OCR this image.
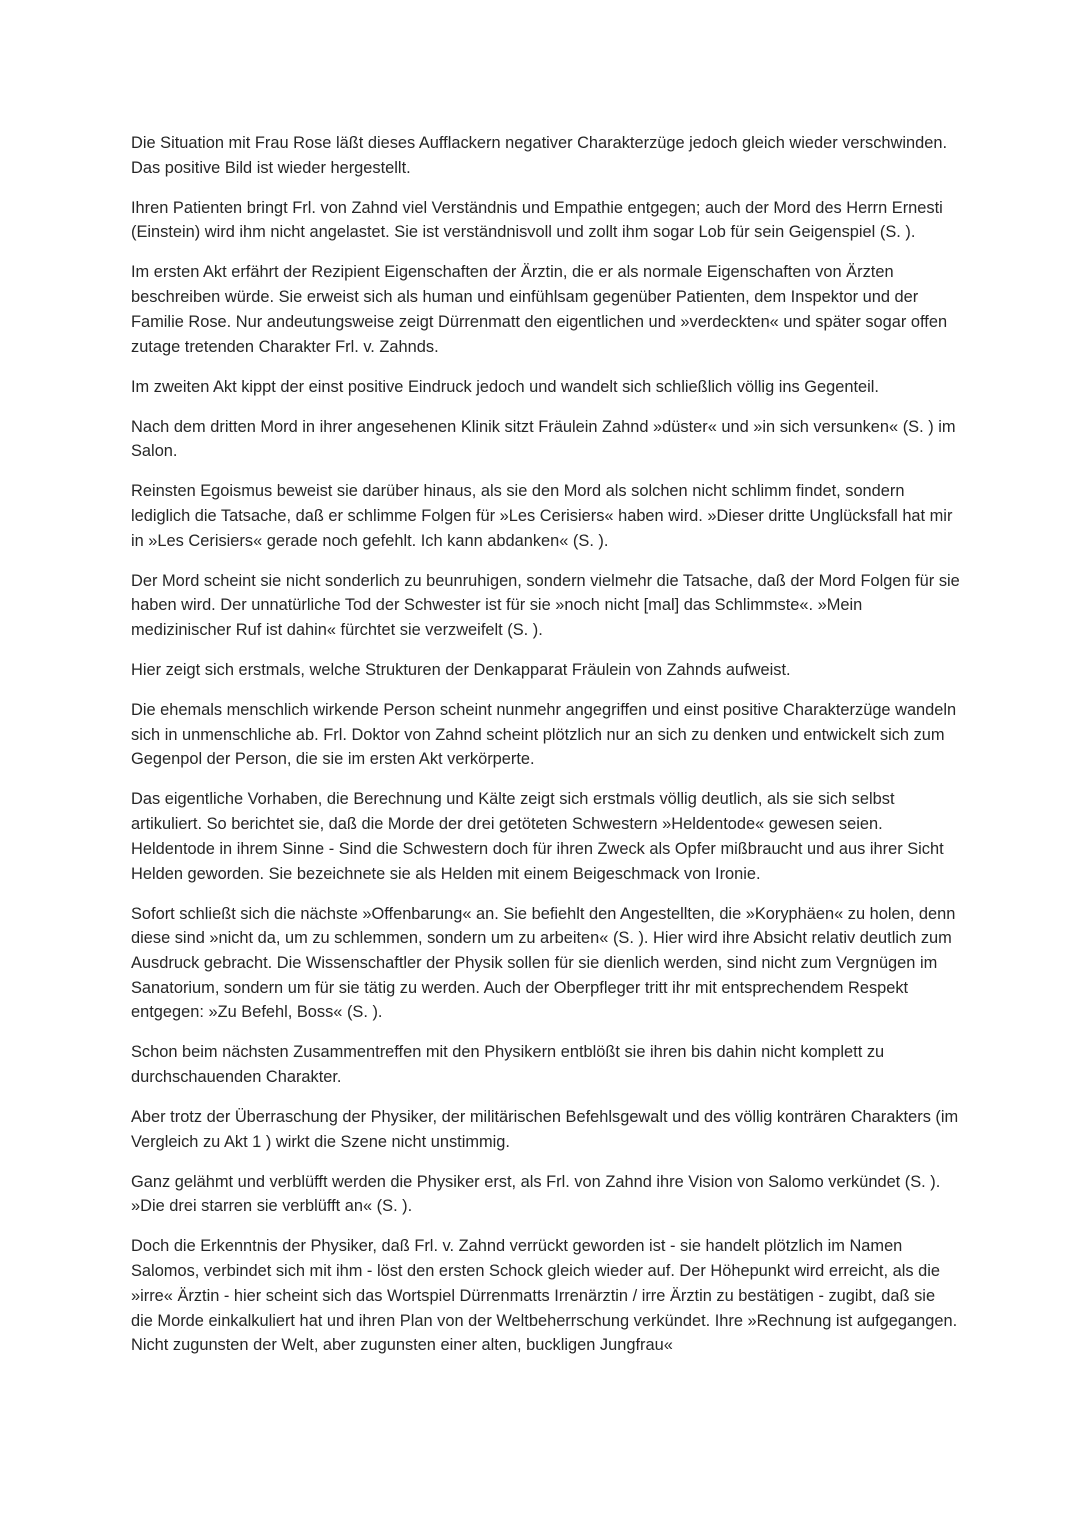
Die Situation mit Frau Rose läßt dieses Aufflackern negativer Charakterzüge jedoch gleich wieder verschwinden. Das positive Bild ist wieder hergestellt.

Ihren Patienten bringt Frl. von Zahnd viel Verständnis und Empathie entgegen; auch der Mord des Herrn Ernesti (Einstein) wird ihm nicht angelastet. Sie ist verständnisvoll und zollt ihm sogar Lob für sein Geigenspiel (S. ).

Im ersten Akt erfährt der Rezipient Eigenschaften der Ärztin, die er als normale Eigenschaften von Ärzten beschreiben würde. Sie erweist sich als human und einfühlsam gegenüber Patienten, dem Inspektor und der Familie Rose. Nur andeutungsweise zeigt Dürrenmatt den eigentlichen und »verdeckten« und später sogar offen zutage tretenden Charakter Frl. v. Zahnds.

Im zweiten Akt kippt der einst positive Eindruck jedoch und wandelt sich schließlich völlig ins Gegenteil.

Nach dem dritten Mord in ihrer angesehenen Klinik sitzt Fräulein Zahnd »düster« und »in sich versunken« (S. ) im Salon.

Reinsten Egoismus beweist sie darüber hinaus, als sie den Mord als solchen nicht schlimm findet, sondern lediglich die Tatsache, daß er schlimme Folgen für »Les Cerisiers« haben wird. »Dieser dritte Unglücksfall hat mir in »Les Cerisiers« gerade noch gefehlt. Ich kann abdanken« (S. ).

Der Mord scheint sie nicht sonderlich zu beunruhigen, sondern vielmehr die Tatsache, daß der Mord Folgen für sie haben wird. Der unnatürliche Tod der Schwester ist für sie »noch nicht [mal] das Schlimmste«. »Mein medizinischer Ruf ist dahin« fürchtet sie verzweifelt (S. ).

Hier zeigt sich erstmals, welche Strukturen der Denkapparat Fräulein von Zahnds aufweist.

Die ehemals menschlich wirkende Person scheint nunmehr angegriffen und einst positive Charakterzüge wandeln sich in unmenschliche ab. Frl. Doktor von Zahnd scheint plötzlich nur an sich zu denken und entwickelt sich zum Gegenpol der Person, die sie im ersten Akt verkörperte.

Das eigentliche Vorhaben, die Berechnung und Kälte zeigt sich erstmals völlig deutlich, als sie sich selbst artikuliert. So berichtet sie, daß die Morde der drei getöteten Schwestern »Heldentode« gewesen seien. Heldentode in ihrem Sinne - Sind die Schwestern doch für ihren Zweck als Opfer mißbraucht und aus ihrer Sicht Helden geworden. Sie bezeichnete sie als Helden mit einem Beigeschmack von Ironie.

Sofort schließt sich die nächste »Offenbarung« an. Sie befiehlt den Angestellten, die »Koryphäen« zu holen, denn diese sind »nicht da, um zu schlemmen, sondern um zu arbeiten« (S. ). Hier wird ihre Absicht relativ deutlich zum Ausdruck gebracht. Die Wissenschaftler der Physik sollen für sie dienlich werden, sind nicht zum Vergnügen im Sanatorium, sondern um für sie tätig zu werden. Auch der Oberpfleger tritt ihr mit entsprechendem Respekt entgegen: »Zu Befehl, Boss« (S. ).

Schon beim nächsten Zusammentreffen mit den Physikern entblößt sie ihren bis dahin nicht komplett zu durchschauenden Charakter.

Aber trotz der Überraschung der Physiker, der militärischen Befehlsgewalt und des völlig konträren Charakters (im Vergleich zu Akt 1 ) wirkt die Szene nicht unstimmig.

Ganz gelähmt und verblüfft werden die Physiker erst, als Frl. von Zahnd ihre Vision von Salomo verkündet (S. ). »Die drei starren sie verblüfft an« (S. ).

Doch die Erkenntnis der Physiker, daß Frl. v. Zahnd verrückt geworden ist - sie handelt plötzlich im Namen Salomos, verbindet sich mit ihm - löst den ersten Schock gleich wieder auf. Der Höhepunkt wird erreicht, als die »irre« Ärztin - hier scheint sich das Wortspiel Dürrenmatts Irrenärztin / irre Ärztin zu bestätigen - zugibt, daß sie die Morde einkalkuliert hat und ihren Plan von der Weltbeherrschung verkündet. Ihre »Rechnung ist aufgegangen. Nicht zugunsten der Welt, aber zugunsten einer alten, buckligen Jungfrau«
